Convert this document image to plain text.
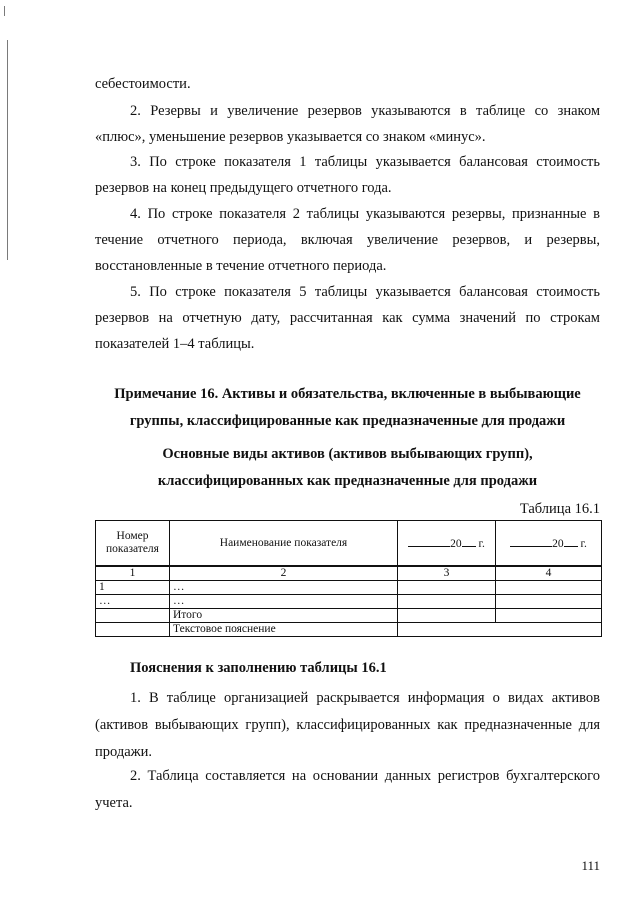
себестоимости.
2. Резервы и увеличение резервов указываются в таблице со знаком
«плюс», уменьшение резервов указывается со знаком «минус».
3. По строке показателя 1 таблицы указывается балансовая стоимость
резервов на конец предыдущего отчетного года.
4. По строке показателя 2 таблицы указываются резервы, признанные в
течение отчетного периода, включая увеличение резервов, и резервы,
восстановленные в течение отчетного периода.
5. По строке показателя 5 таблицы указывается балансовая стоимость
резервов на отчетную дату, рассчитанная как сумма значений по строкам
показателей 1–4 таблицы.
Примечание 16. Активы и обязательства, включенные в выбывающие
группы, классифицированные как предназначенные для продажи
Основные виды активов (активов выбывающих групп),
классифицированных как предназначенные для продажи
Таблица 16.1
Номер показателя	Наименование показателя	20 г.	20 г.
1	2	3	4
1	…		
…	…		
	Итого		
	Текстовое пояснение		
Пояснения к заполнению таблицы 16.1
1. В таблице организацией раскрывается информация о видах активов
(активов выбывающих групп), классифицированных как предназначенные для
продажи.
2. Таблица составляется на основании данных регистров бухгалтерского
учета.
111
